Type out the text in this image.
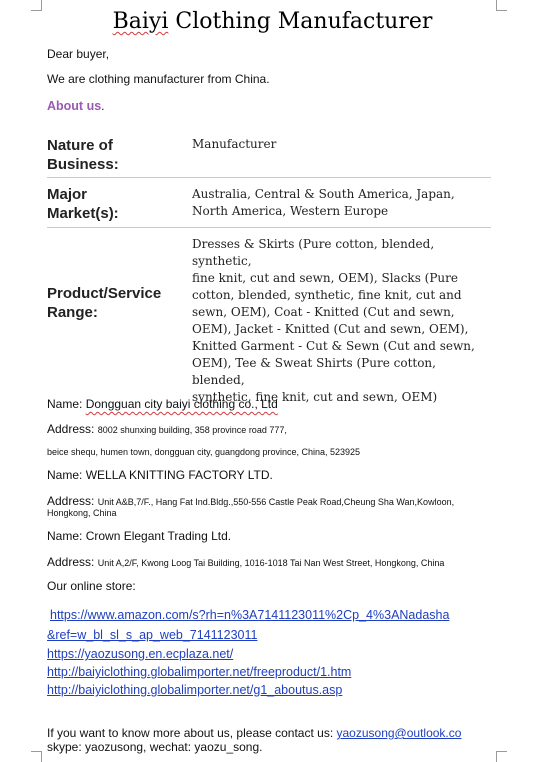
Baiyi Clothing Manufacturer
Dear buyer,
We are clothing manufacturer from China.
About us.
Nature of
Business:
Manufacturer
Major
Market(s):
Australia, Central & South America, Japan,
North America, Western Europe
Product/Service
Range:
Dresses & Skirts (Pure cotton, blended, synthetic,
fine knit, cut and sewn, OEM), Slacks (Pure
cotton, blended, synthetic, fine knit, cut and
sewn, OEM), Coat - Knitted (Cut and sewn,
OEM), Jacket - Knitted (Cut and sewn, OEM),
Knitted Garment - Cut & Sewn (Cut and sewn,
OEM), Tee & Sweat Shirts (Pure cotton, blended,
synthetic, fine knit, cut and sewn, OEM)
Name: Dongguan city baiyi clothing co., Ltd
Address: 8002 shunxing building, 358 province road 777,
beice shequ, humen town, dongguan city, guangdong province, China, 523925
Name: WELLA KNITTING FACTORY LTD.
Address: Unit A&B,7/F., Hang Fat Ind.Bldg.,550-556 Castle Peak Road,Cheung Sha Wan,Kowloon,
Hongkong, China
Name: Crown Elegant Trading Ltd.
Address: Unit A,2/F, Kwong Loog Tai Building, 1016-1018 Tai Nan West Street, Hongkong, China
Our online store:
https://www.amazon.com/s?rh=n%3A7141123011%2Cp_4%3ANadasha
&ref=w_bl_sl_s_ap_web_7141123011
https://yaozusong.en.ecplaza.net/
http://baiyiclothing.globalimporter.net/freeproduct/1.htm
http://baiyiclothing.globalimporter.net/g1_aboutus.asp
If you want to know more about us, please contact us: yaozusong@outlook.co
skype: yaozusong, wechat: yaozu_song.
